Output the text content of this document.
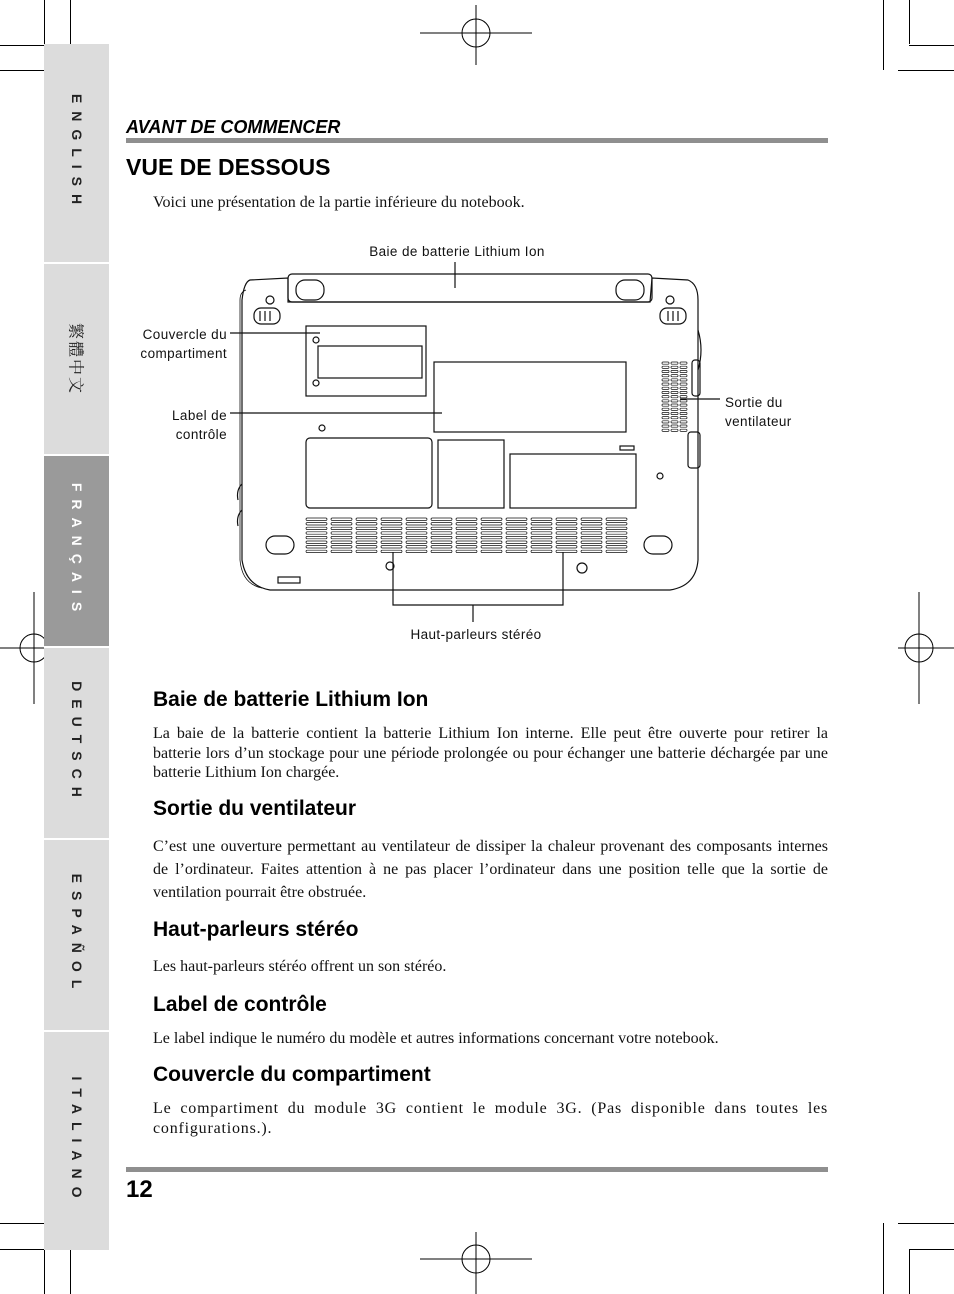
ENGLISH
繁體中文
FRANÇAIS
DEUTSCH
ESPAÑOL
ITALIANO
AVANT DE COMMENCER
VUE DE DESSOUS
Voici une présentation de la partie inférieure du notebook.
Baie de batterie Lithium Ion
Couvercle du
compartiment
Label de
contrôle
Sortie du
ventilateur
Haut-parleurs stéréo
Baie de batterie Lithium Ion
La baie de la batterie contient la batterie Lithium Ion interne. Elle peut être ouverte pour retirer la batterie lors d’un stockage pour une période prolongée ou pour échanger une batterie déchargée par une batterie Lithium Ion chargée.
Sortie du ventilateur
C’est une ouverture permettant au ventilateur de dissiper la chaleur provenant des composants internes de l’ordinateur. Faites attention à ne pas placer l’ordinateur dans une position telle que la sortie de ventilation pourrait être obstruée.
Haut-parleurs stéréo
Les haut-parleurs stéréo offrent un son stéréo.
Label de contrôle
Le label indique le numéro du modèle et autres informations concernant votre notebook.
Couvercle du compartiment
Le compartiment du module 3G contient le module 3G. (Pas disponible dans toutes les configurations.).
12
